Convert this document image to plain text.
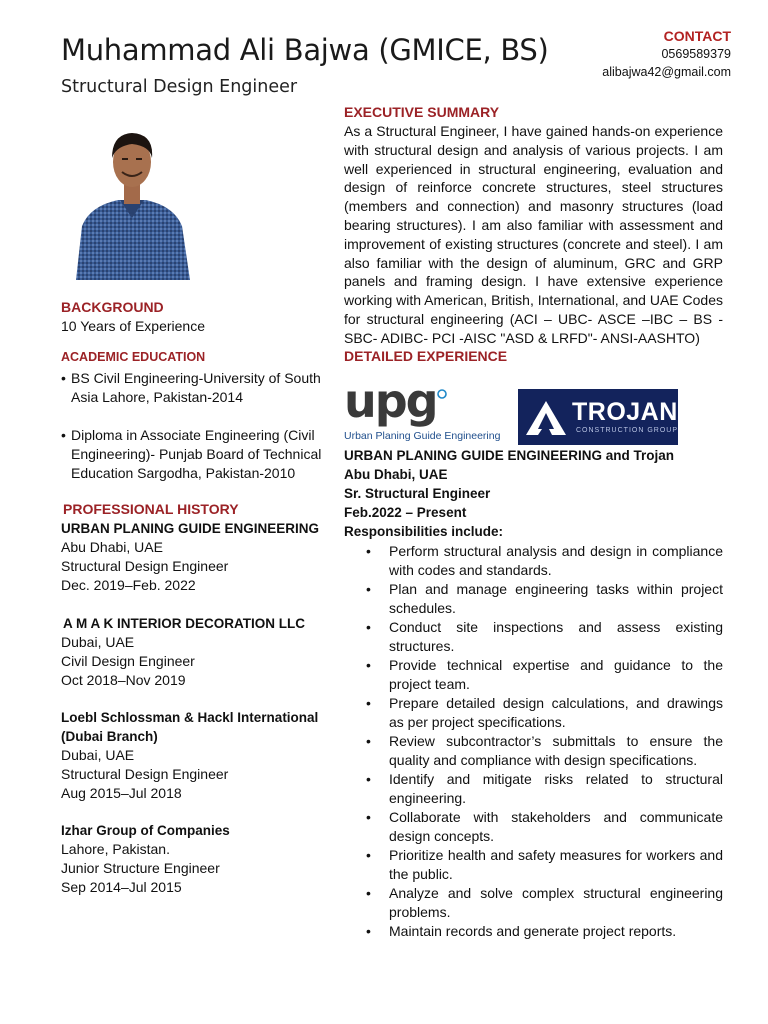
Muhammad Ali Bajwa (GMICE, BS)
Structural Design Engineer
CONTACT
0569589379
alibajwa42@gmail.com
BACKGROUND
10 Years of Experience
ACADEMIC EDUCATION
• BS Civil Engineering-University of South Asia Lahore, Pakistan-2014
• Diploma in Associate Engineering (Civil Engineering)- Punjab Board of Technical Education Sargodha, Pakistan-2010
PROFESSIONAL HISTORY
URBAN PLANING GUIDE ENGINEERING
Abu Dhabi, UAE
Structural Design Engineer
Dec. 2019–Feb. 2022
A M A K INTERIOR DECORATION LLC
Dubai, UAE
Civil Design Engineer
Oct 2018–Nov 2019
Loebl Schlossman & Hackl International (Dubai Branch)
Dubai, UAE
Structural Design Engineer
Aug 2015–Jul 2018
Izhar Group of Companies
Lahore, Pakistan.
Junior Structure Engineer
Sep 2014–Jul 2015
EXECUTIVE SUMMARY
As a Structural Engineer, I have gained hands-on experience with structural design and analysis of various projects. I am well experienced in structural engineering, evaluation and design of reinforce concrete structures, steel structures (members and connection) and masonry structures (load bearing structures). I am also familiar with assessment and improvement of existing structures (concrete and steel). I am also familiar with the design of aluminum, GRC and GRP panels and framing design. I have extensive experience working with American, British, International, and UAE Codes for structural engineering (ACI – UBC- ASCE –IBC – BS -SBC- ADIBC- PCI -AISC "ASD & LRFD"- ANSI-AASHTO)
DETAILED EXPERIENCE
upg
Urban Planing Guide Engineering
TROJAN
CONSTRUCTION GROUP
URBAN PLANING GUIDE ENGINEERING and Trojan
Abu Dhabi, UAE
Sr. Structural Engineer
Feb.2022 – Present
Responsibilities include:
• Perform structural analysis and design in compliance with codes and standards.
• Plan and manage engineering tasks within project schedules.
• Conduct site inspections and assess existing structures.
• Provide technical expertise and guidance to the project team.
• Prepare detailed design calculations, and drawings as per project specifications.
• Review subcontractor’s submittals to ensure the quality and compliance with design specifications.
• Identify and mitigate risks related to structural engineering.
• Collaborate with stakeholders and communicate design concepts.
• Prioritize health and safety measures for workers and the public.
• Analyze and solve complex structural engineering problems.
• Maintain records and generate project reports.
